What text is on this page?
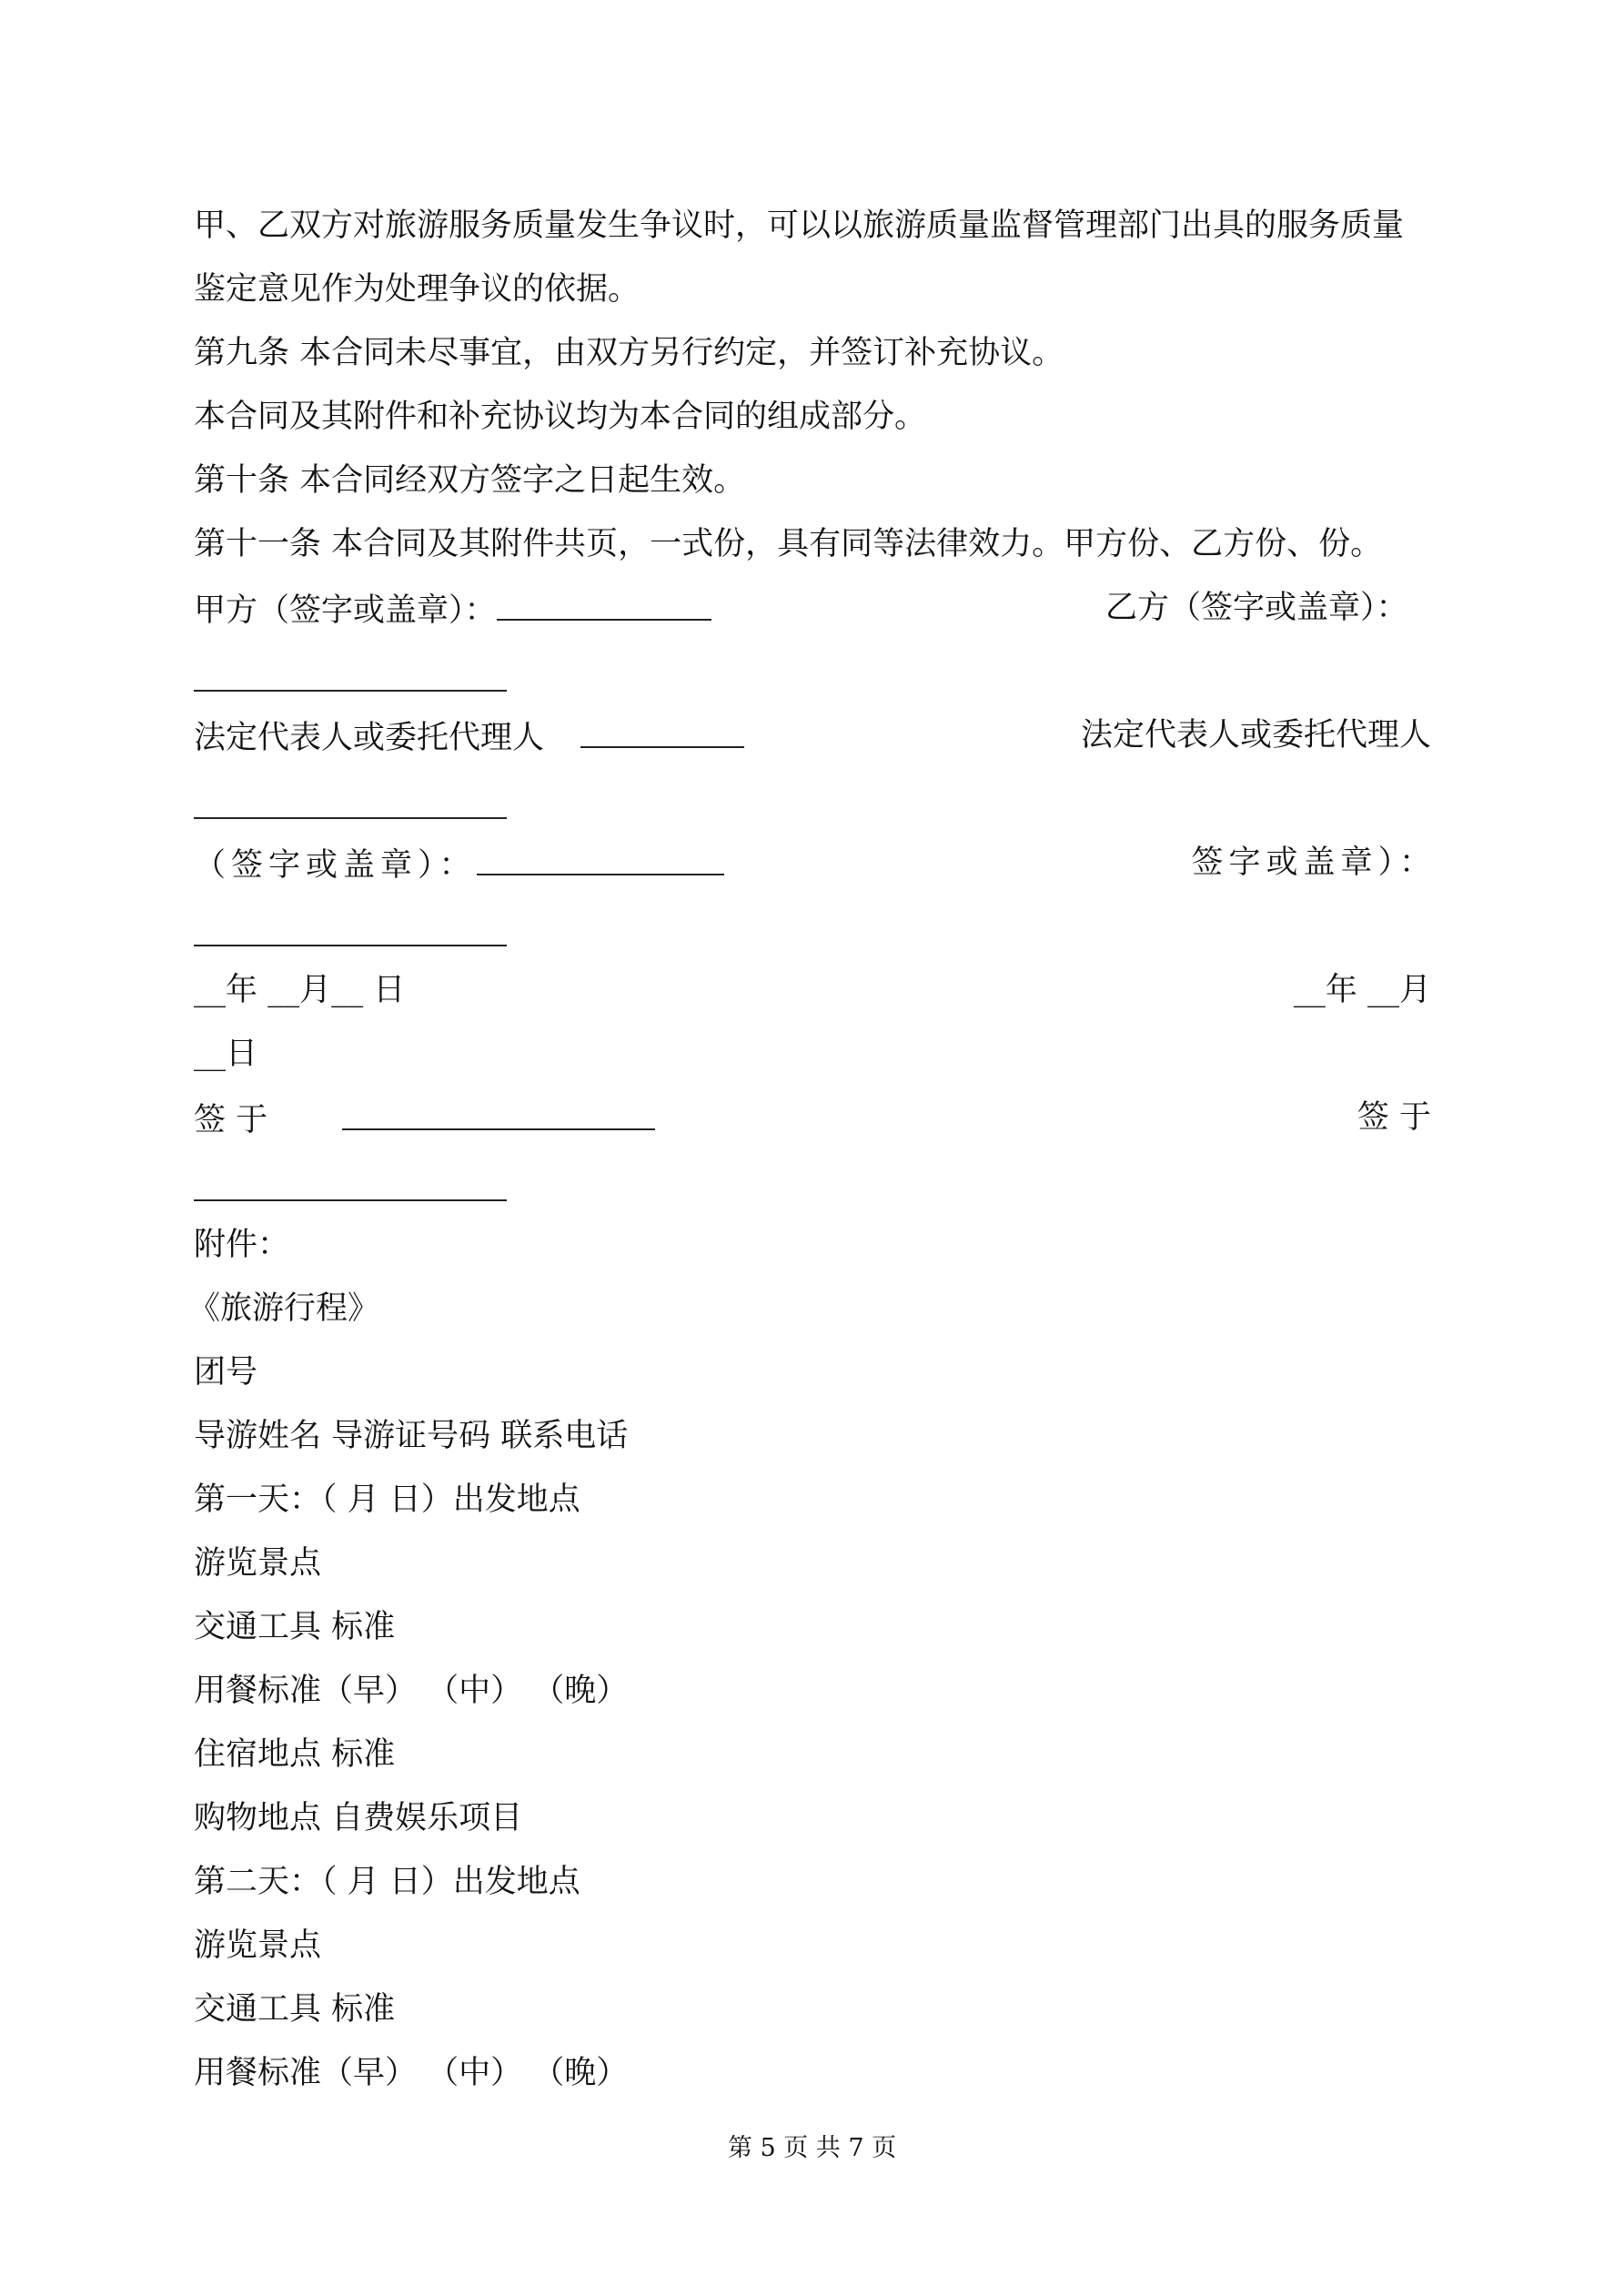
甲、乙双方对旅游服务质量发生争议时，可以以旅游质量监督管理部门出具的服务质量
鉴定意见作为处理争议的依据。
第九条 本合同未尽事宜，由双方另行约定，并签订补充协议。
本合同及其附件和补充协议均为本合同的组成部分。
第十条 本合同经双方签字之日起生效。
第十一条 本合同及其附件共页，一式份，具有同等法律效力。甲方份、乙方份、份。
甲方（签字或盖章）：	乙方（签字或盖章）：
法定代表人或委托代理人	法定代表人或委托代理人
（签字或盖章）：	签字或盖章）：
__年 __月__ 日	__年 __月
__日
签 于	签 于
附件：
《旅游行程》
团号
导游姓名 导游证号码 联系电话
第一天：（ 月 日）出发地点
游览景点
交通工具 标准
用餐标准（早） （中） （晚）
住宿地点 标准
购物地点 自费娱乐项目
第二天：（ 月 日）出发地点
游览景点
交通工具 标准
用餐标准（早） （中） （晚）
第 5 页 共 7 页
